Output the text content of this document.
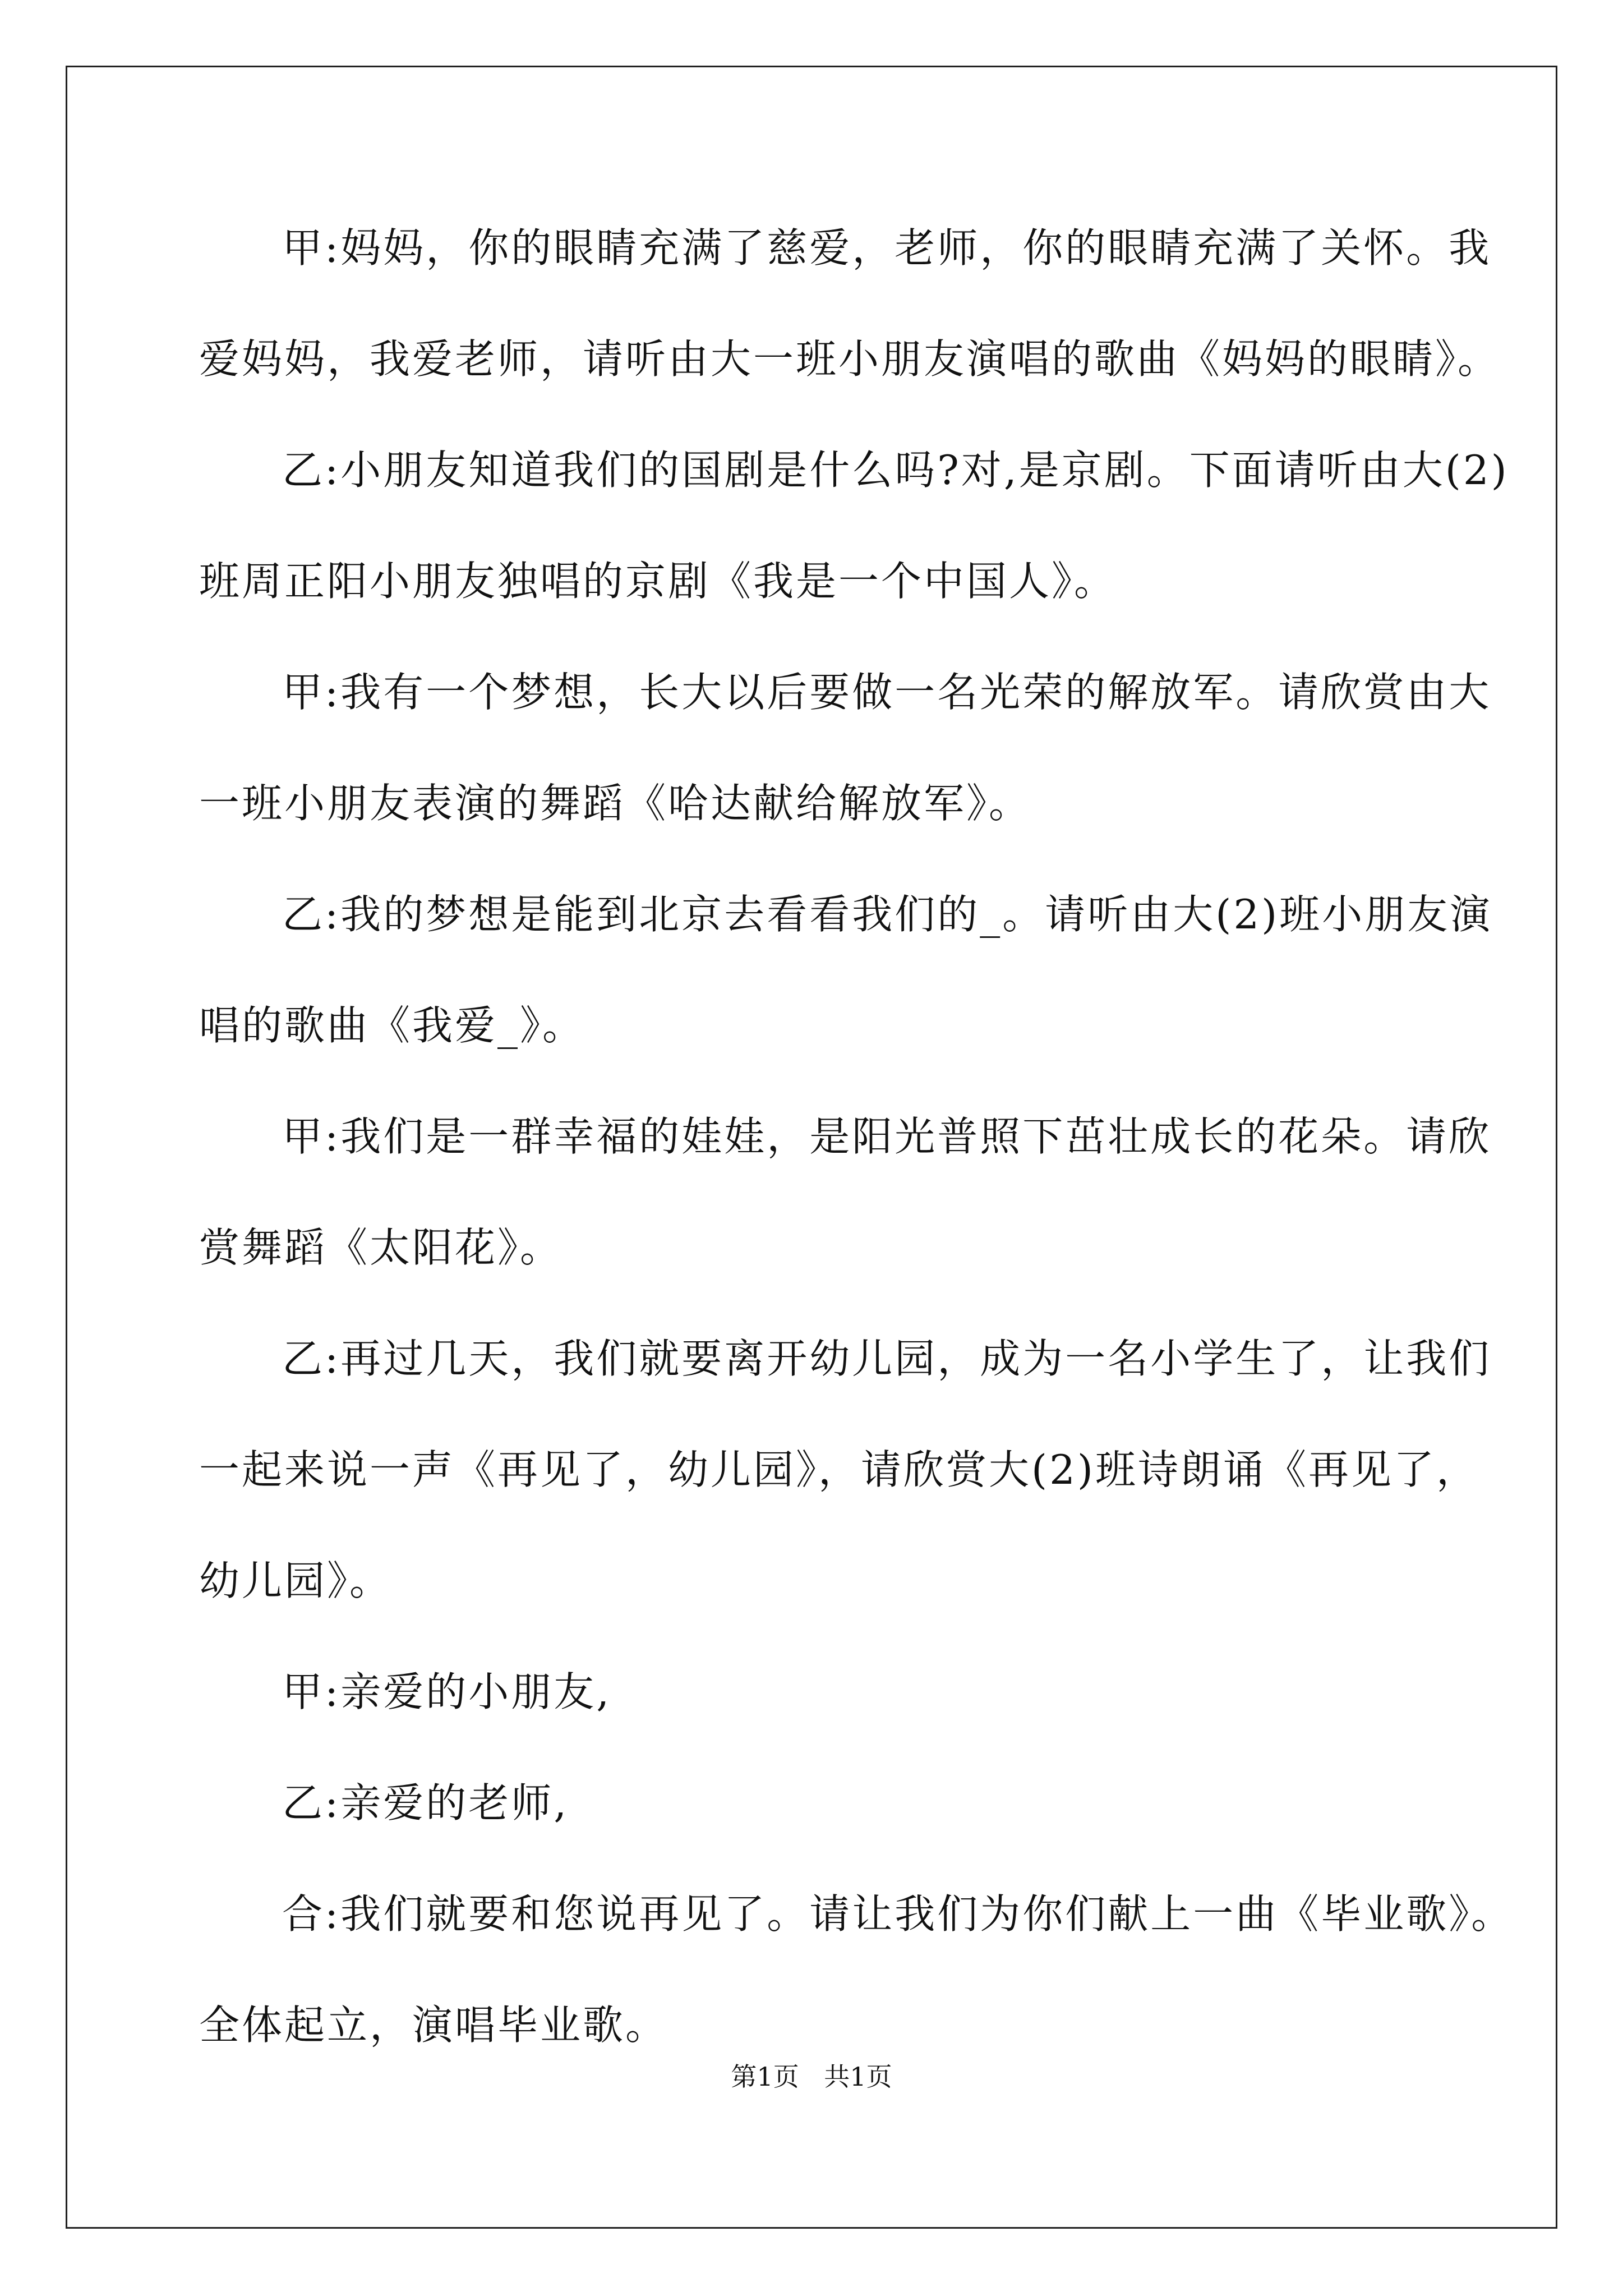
甲:妈妈，你的眼睛充满了慈爱，老师，你的眼睛充满了关怀。我
爱妈妈，我爱老师，请听由大一班小朋友演唱的歌曲《妈妈的眼睛》。
乙:小朋友知道我们的国剧是什么吗?对,是京剧。下面请听由大(2)
班周正阳小朋友独唱的京剧《我是一个中国人》。
甲:我有一个梦想，长大以后要做一名光荣的解放军。请欣赏由大
一班小朋友表演的舞蹈《哈达献给解放军》。
乙:我的梦想是能到北京去看看我们的_。请听由大(2)班小朋友演
唱的歌曲《我爱_》。
甲:我们是一群幸福的娃娃，是阳光普照下茁壮成长的花朵。请欣
赏舞蹈《太阳花》。
乙:再过几天，我们就要离开幼儿园，成为一名小学生了，让我们
一起来说一声《再见了，幼儿园》，请欣赏大(2)班诗朗诵《再见了，
幼儿园》。
甲:亲爱的小朋友,
乙:亲爱的老师,
合:我们就要和您说再见了。请让我们为你们献上一曲《毕业歌》。
全体起立，演唱毕业歌。
第1页 共1页
